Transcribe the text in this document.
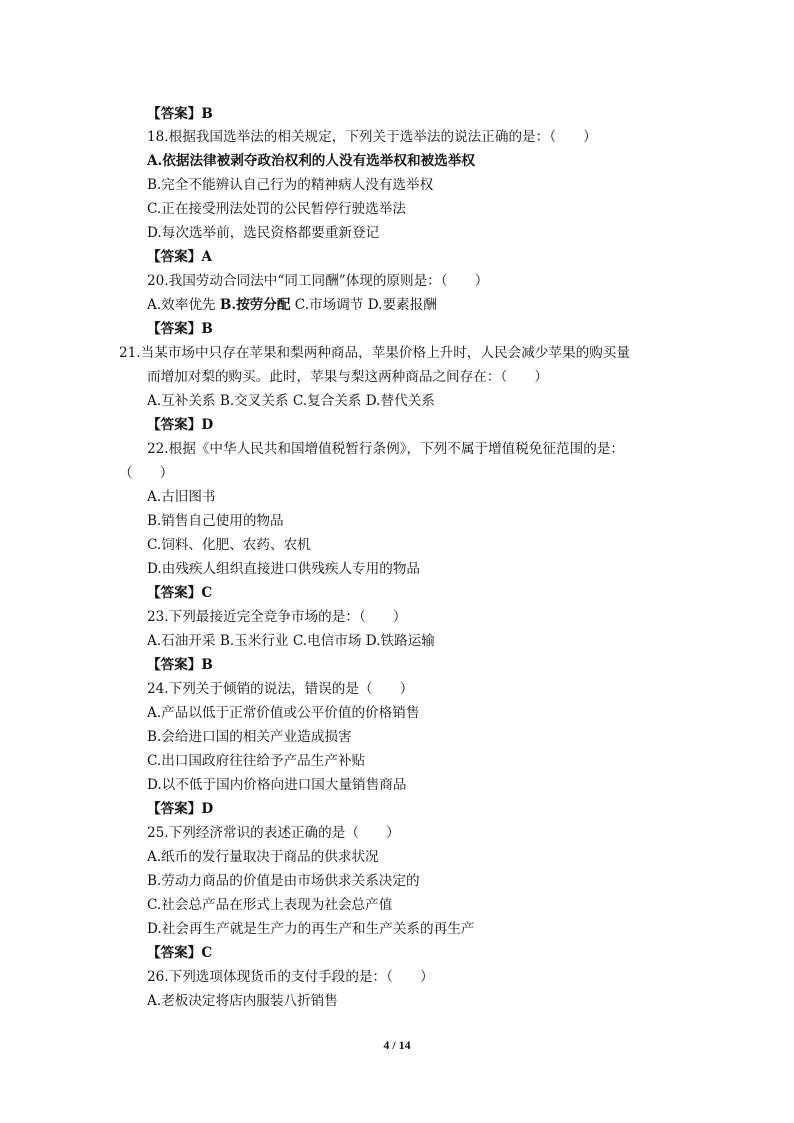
【答案】B
18.根据我国选举法的相关规定，下列关于选举法的说法正确的是：（　　）
A.依据法律被剥夺政治权利的人没有选举权和被选举权
B.完全不能辨认自己行为的精神病人没有选举权
C.正在接受刑法处罚的公民暂停行驶选举法
D.每次选举前，选民资格都要重新登记
【答案】A
20.我国劳动合同法中“同工同酬”体现的原则是：（　　）
A.效率优先 B.按劳分配 C.市场调节 D.要素报酬
【答案】B
21.当某市场中只存在苹果和梨两种商品，苹果价格上升时，人民会减少苹果的购买量
而增加对梨的购买。此时，苹果与梨这两种商品之间存在：（　　）
A.互补关系 B.交叉关系 C.复合关系 D.替代关系
【答案】D
22.根据《中华人民共和国增值税暂行条例》，下列不属于增值税免征范围的是：
（　　）
A.古旧图书
B.销售自己使用的物品
C.饲料、化肥、农药、农机
D.由残疾人组织直接进口供残疾人专用的物品
【答案】C
23.下列最接近完全竞争市场的是：（　　）
A.石油开采 B.玉米行业 C.电信市场 D.铁路运输
【答案】B
24.下列关于倾销的说法，错误的是（　　）
A.产品以低于正常价值或公平价值的价格销售
B.会给进口国的相关产业造成损害
C.出口国政府往往给予产品生产补贴
D.以不低于国内价格向进口国大量销售商品
【答案】D
25.下列经济常识的表述正确的是（　　）
A.纸币的发行量取决于商品的供求状况
B.劳动力商品的价值是由市场供求关系决定的
C.社会总产品在形式上表现为社会总产值
D.社会再生产就是生产力的再生产和生产关系的再生产
【答案】C
26.下列选项体现货币的支付手段的是：（　　）
A.老板决定将店内服装八折销售
4 / 14
